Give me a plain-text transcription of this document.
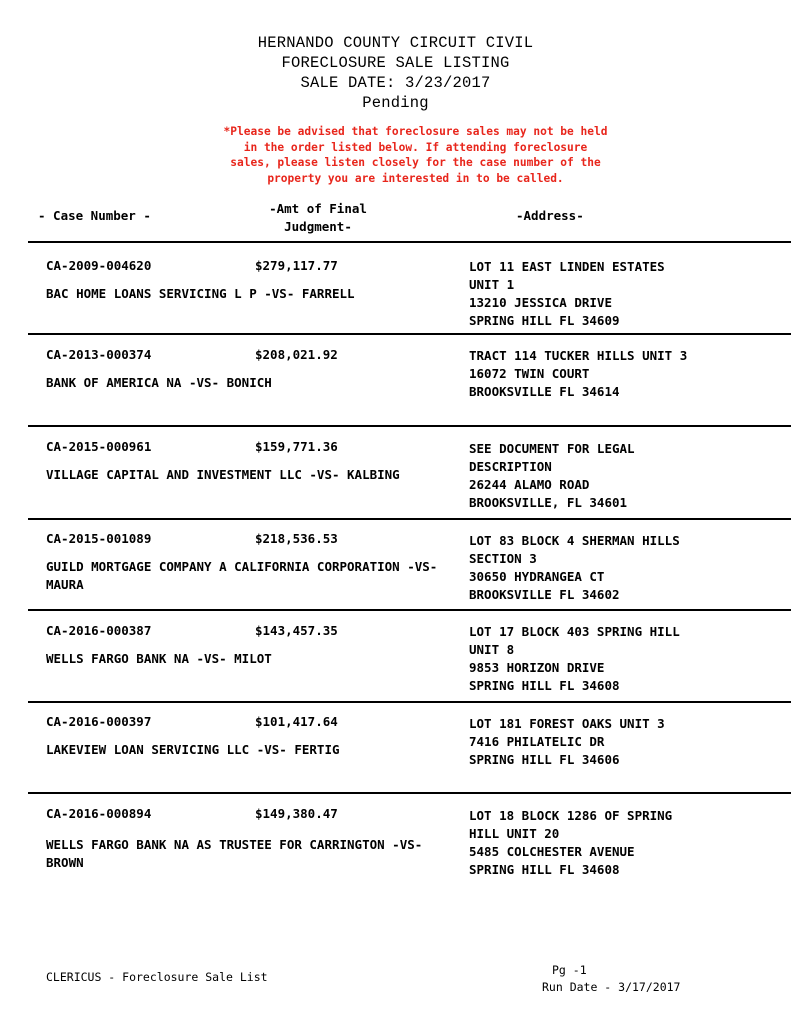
HERNANDO COUNTY CIRCUIT CIVIL
FORECLOSURE SALE LISTING
SALE DATE: 3/23/2017
Pending
*Please be advised that foreclosure sales may not be held
in the order listed below. If attending foreclosure
sales, please listen closely for the case number of the
property you are interested in to be called.
- Case Number -	-Amt of Final
Judgment-
-Address-
CA-2009-004620	$279,117.77
BAC HOME LOANS SERVICING L P -VS- FARRELL
LOT 11 EAST LINDEN ESTATES
UNIT 1
13210 JESSICA DRIVE
SPRING HILL FL 34609
CA-2013-000374	$208,021.92
BANK OF AMERICA NA -VS- BONICH
TRACT 114 TUCKER HILLS UNIT 3
16072 TWIN COURT
BROOKSVILLE FL 34614
CA-2015-000961	$159,771.36
VILLAGE CAPITAL AND INVESTMENT LLC -VS- KALBING
SEE DOCUMENT FOR LEGAL
DESCRIPTION
26244 ALAMO ROAD
BROOKSVILLE, FL 34601
CA-2015-001089	$218,536.53
GUILD MORTGAGE COMPANY A CALIFORNIA CORPORATION -VS- MAURA
LOT 83 BLOCK 4 SHERMAN HILLS
SECTION 3
30650 HYDRANGEA CT
BROOKSVILLE FL 34602
CA-2016-000387	$143,457.35
WELLS FARGO BANK NA -VS- MILOT
LOT 17 BLOCK 403 SPRING HILL
UNIT 8
9853 HORIZON DRIVE
SPRING HILL FL 34608
CA-2016-000397	$101,417.64
LAKEVIEW LOAN SERVICING LLC -VS- FERTIG
LOT 181 FOREST OAKS UNIT 3
7416 PHILATELIC DR
SPRING HILL FL 34606
CA-2016-000894	$149,380.47
WELLS FARGO BANK NA AS TRUSTEE FOR CARRINGTON -VS- BROWN
LOT 18 BLOCK 1286 OF SPRING
HILL UNIT 20
5485 COLCHESTER AVENUE
SPRING HILL FL 34608
CLERICUS - Foreclosure Sale List	Pg -1
Run Date - 3/17/2017
